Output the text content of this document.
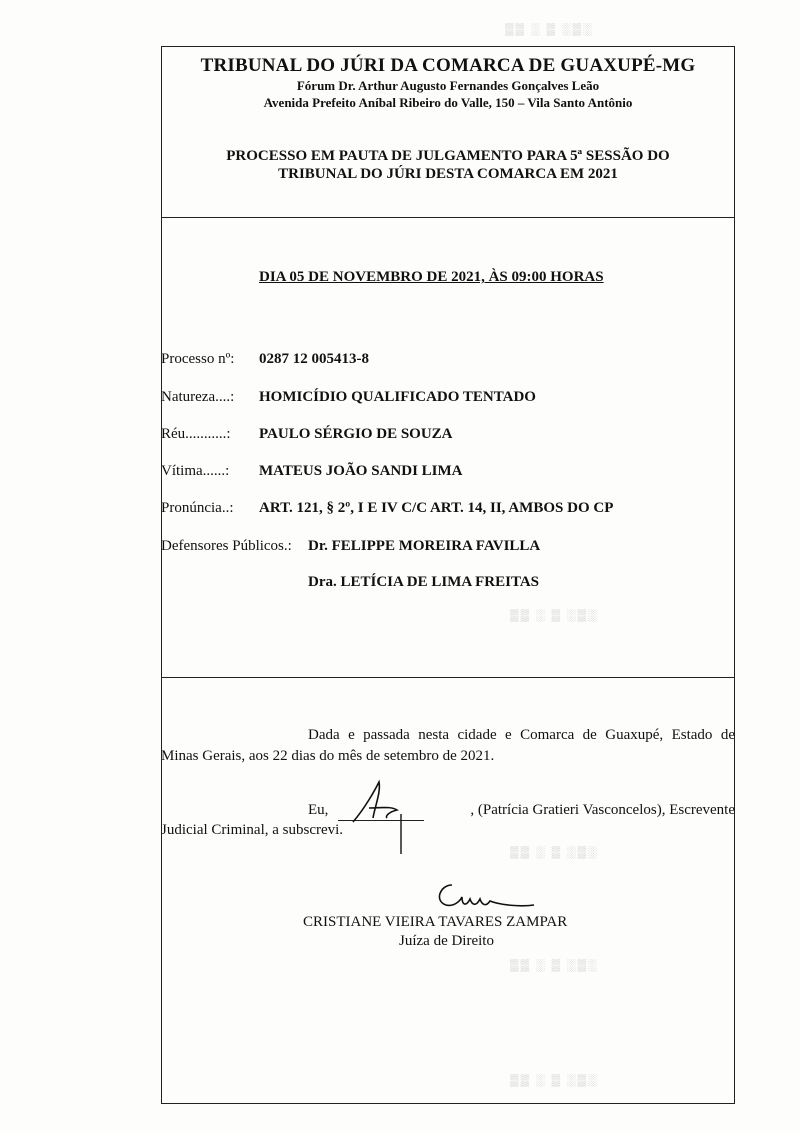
▒▒ ░ ▒ ░▒░
▒▒ ░ ▒ ░▒░
▒▒ ░ ▒ ░▒░
▒▒ ░ ▒ ░▒░
▒▒ ░ ▒ ░▒░
TRIBUNAL DO JÚRI DA COMARCA DE GUAXUPÉ-MG
Fórum Dr. Arthur Augusto Fernandes Gonçalves Leão
Avenida Prefeito Aníbal Ribeiro do Valle, 150 – Vila Santo Antônio
PROCESSO EM PAUTA DE JULGAMENTO PARA 5ª SESSÃO DO
TRIBUNAL DO JÚRI DESTA COMARCA EM 2021
DIA 05 DE NOVEMBRO DE 2021, ÀS 09:00 HORAS
Processo nº: 0287 12 005413-8
Natureza....: HOMICÍDIO QUALIFICADO TENTADO
Réu...........: PAULO SÉRGIO DE SOUZA
Vítima......: MATEUS JOÃO SANDI LIMA
Pronúncia..: ART. 121, § 2º, I E IV C/C ART. 14, II, AMBOS DO CP
Defensores Públicos.: Dr. FELIPPE MOREIRA FAVILLA
Dra. LETÍCIA DE LIMA FREITAS
Dada e passada nesta cidade e Comarca de Guaxupé, Estado de
Minas Gerais, aos 22 dias do mês de setembro de 2021.
Eu,	, (Patrícia Gratieri Vasconcelos), Escrevente
Judicial Criminal, a subscrevi.
CRISTIANE VIEIRA TAVARES ZAMPAR
Juíza de Direito
